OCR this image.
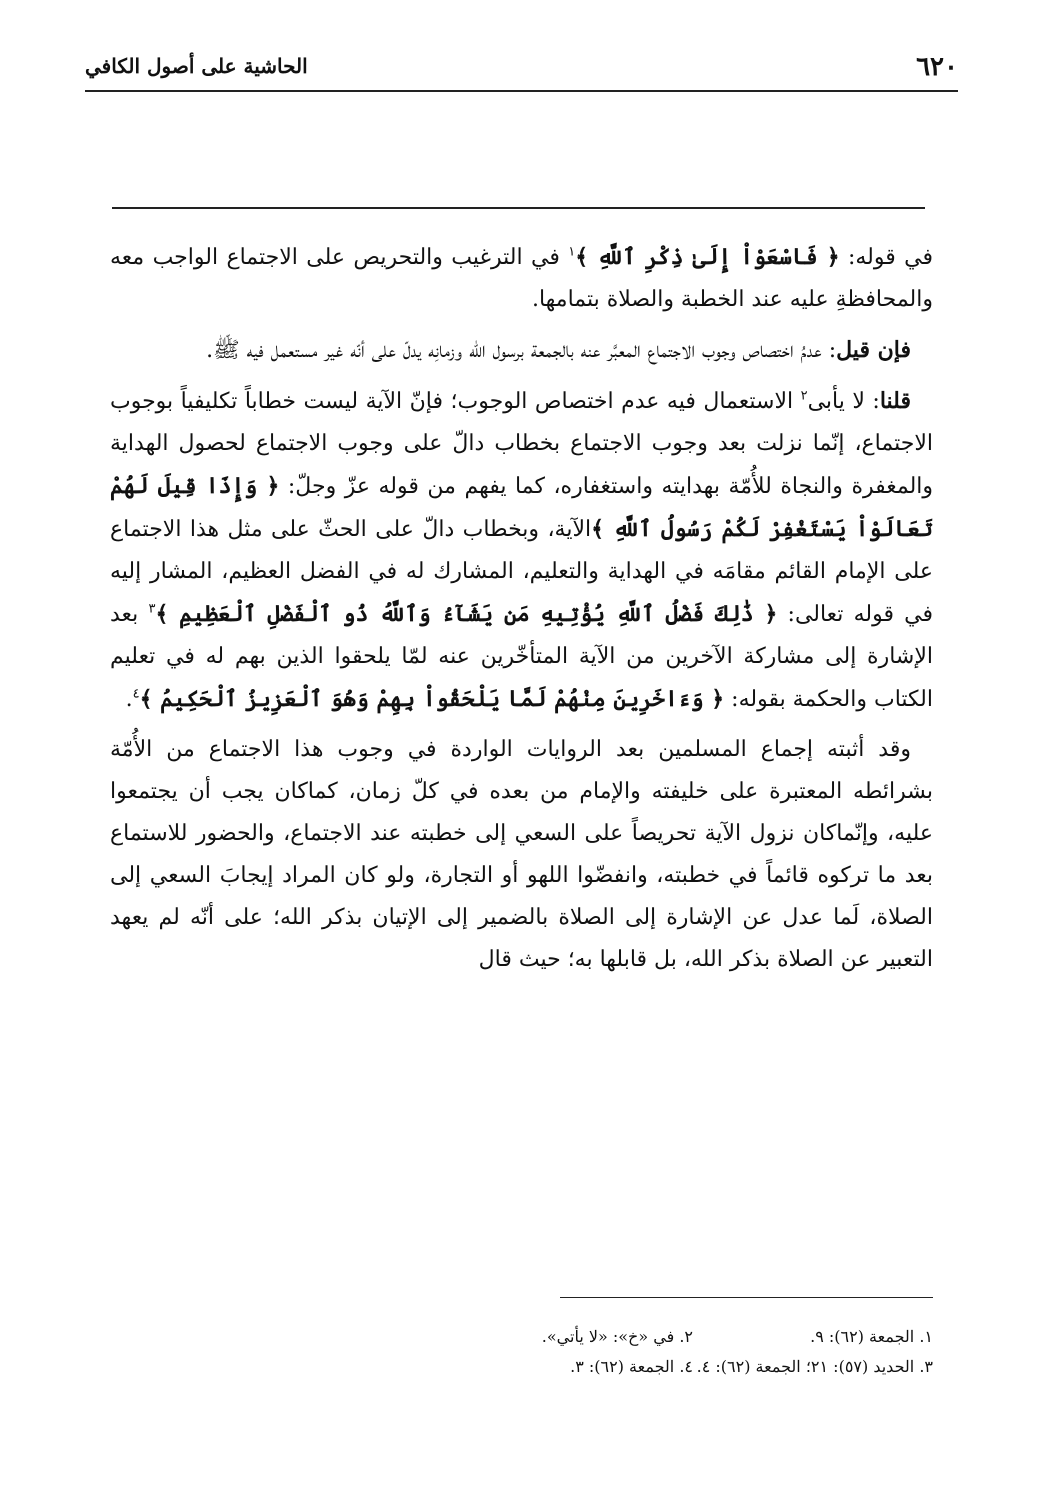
٦٢٠
الحاشية على أصول الكافي

في قوله: ﴿ فَاسْعَوْاْ إِلَىٰ ذِكْرِ ٱللَّهِ ﴾$^١$ في الترغيب والتحريص على الاجتماع الواجب معه والمحافظةِ عليه عند الخطبة والصلاة بتمامها.

فإن قيل: عدمُ اختصاص وجوب الاجتماع المعبَّر عنه بالجمعة برسول الله وزمانِه يدلّ على أنّه غير مستعمل فيه ﷺ.

قلنا: لا يأبى$^٢$ الاستعمال فيه عدم اختصاص الوجوب؛ فإنّ الآية ليست خطاباً تكليفياً بوجوب الاجتماع، إنّما نزلت بعد وجوب الاجتماع بخطاب دالّ على وجوب الاجتماع لحصول الهداية والمغفرة والنجاة للأُمّة بهدايته واستغفاره، كما يفهم من قوله عزّ وجلّ: ﴿ وَإِذَا قِيلَ لَهُمْ تَعَالَوْاْ يَسْتَغْفِرْ لَكُمْ رَسُولُ ٱللَّهِ ﴾الآية، وبخطاب دالّ على الحثّ على مثل هذا الاجتماع على الإمام القائم مقامَه في الهداية والتعليم، المشارك له في الفضل العظيم، المشار إليه في قوله تعالى: ﴿ ذَٰلِكَ فَضْلُ ٱللَّهِ يُؤْتِيهِ مَن يَشَآءُ وَٱللَّهُ ذُو ٱلْفَضْلِ ٱلْعَظِيمِ ﴾$^٣$ بعد الإشارة إلى مشاركة الآخرين من الآية المتأخّرين عنه لمّا يلحقوا الذين بهم له في تعليم الكتاب والحكمة بقوله: ﴿ وَءَاخَرِينَ مِنْهُمْ لَمَّا يَلْحَقُواْ بِهِمْ وَهُوَ ٱلْعَزِيزُ ٱلْحَكِيمُ ﴾$^٤$.

وقد أثبته إجماع المسلمين بعد الروايات الواردة في وجوب هذا الاجتماع من الأُمّة بشرائطه المعتبرة على خليفته والإمام من بعده في كلّ زمان، كماكان يجب أن يجتمعوا عليه، وإنّماكان نزول الآية تحريصاً على السعي إلى خطبته عند الاجتماع، والحضور للاستماع بعد ما تركوه قائماً في خطبته، وانفضّوا اللهو أو التجارة، ولو كان المراد إيجابَ السعي إلى الصلاة، لَما عدل عن الإشارة إلى الصلاة بالضمير إلى الإتيان بذكر الله؛ على أنّه لم يعهد التعبير عن الصلاة بذكر الله، بل قابلها به؛ حيث قال

١. الجمعة (٦٢): ٩.
٢. في «خ»: «لا يأتي».
٣. الحديد (٥٧): ٢١؛ الجمعة (٦٢): ٤.
٤. الجمعة (٦٢): ٣.
